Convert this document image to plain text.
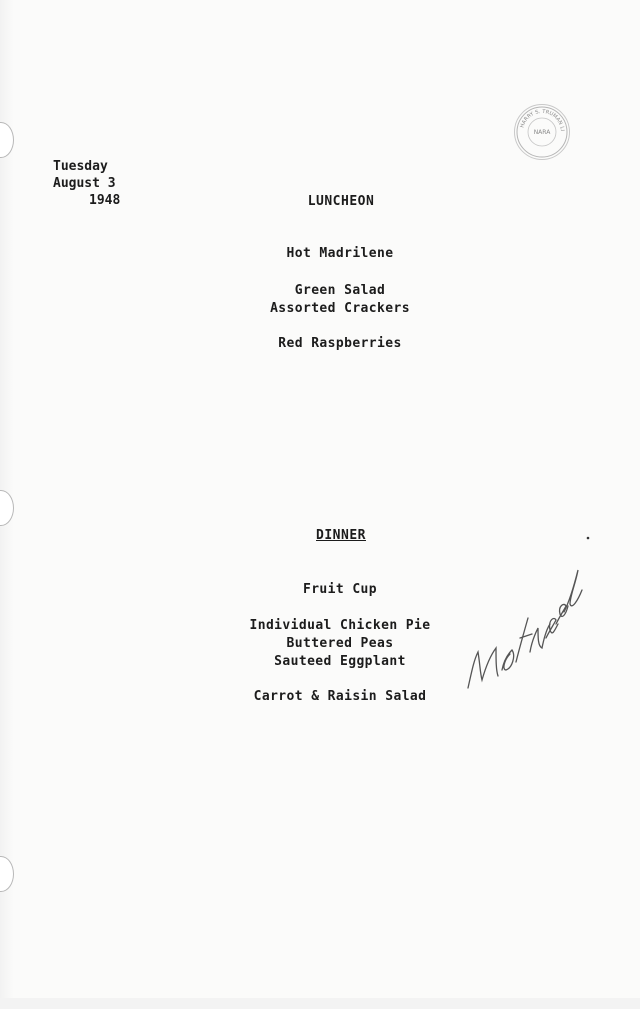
HARRY S. TRUMAN LI
NARA
Tuesday
August 3
1948	LUNCHEON
Hot Madrilene
Green Salad
Assorted Crackers
Red Raspberries
DINNER
Fruit Cup
Individual Chicken Pie
Buttered Peas
Sauteed Eggplant
Carrot & Raisin Salad
